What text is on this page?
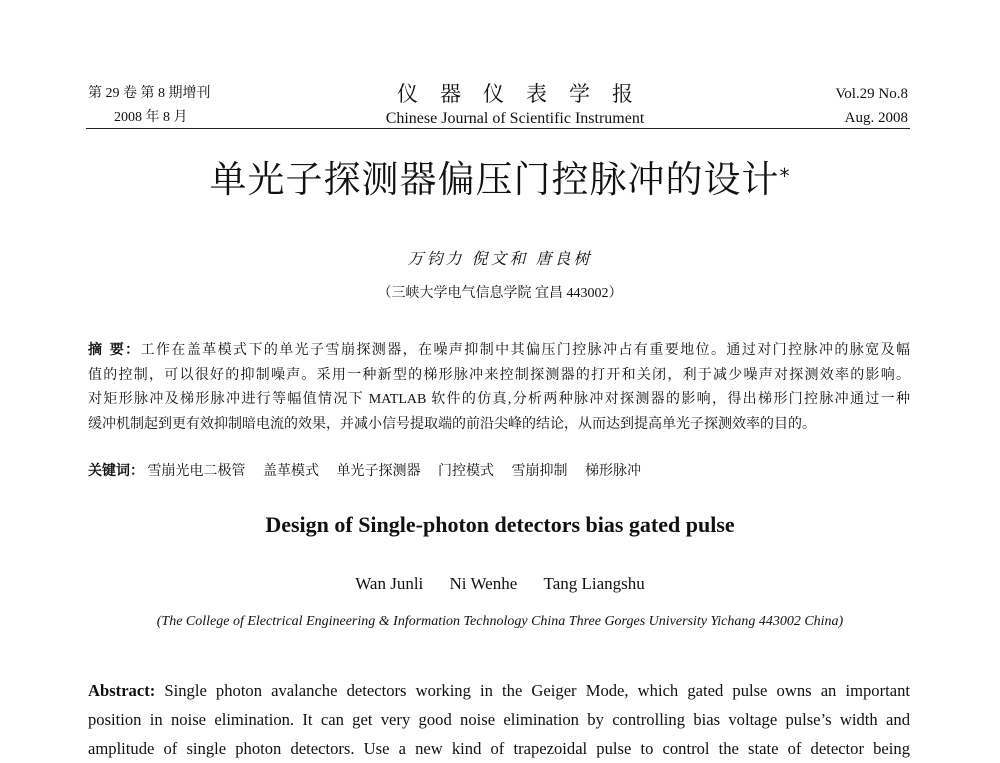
第 29 卷 第 8 期增刊
2008 年 8 月
仪器仪表学报
Chinese Journal of Scientific Instrument
Vol.29 No.8
Aug. 2008
单光子探测器偏压门控脉冲的设计*
万钧力 倪文和 唐良树
（三峡大学电气信息学院 宜昌 443002）
摘 要：工作在盖革模式下的单光子雪崩探测器，在噪声抑制中其偏压门控脉冲占有重要地位。通过对门控脉冲的脉宽及幅
值的控制，可以很好的抑制噪声。采用一种新型的梯形脉冲来控制探测器的打开和关闭，利于减少噪声对探测效率的影响。
对矩形脉冲及梯形脉冲进行等幅值情况下 MATLAB 软件的仿真,分析两种脉冲对探测器的影响，得出梯形门控脉冲通过一种
缓冲机制起到更有效抑制暗电流的效果，并减小信号提取端的前沿尖峰的结论，从而达到提高单光子探测效率的目的。
关键词： 雪崩光电二极管 盖革模式 单光子探测器 门控模式 雪崩抑制 梯形脉冲
Design of Single-photon detectors bias gated pulse
Wan Junli Ni Wenhe Tang Liangshu
(The College of Electrical Engineering & Information Technology China Three Gorges University Yichang 443002 China)
Abstract: Single photon avalanche detectors working in the Geiger Mode, which gated pulse owns an important
position in noise elimination. It can get very good noise elimination by controlling bias voltage pulse’s width and
amplitude of single photon detectors. Use a new kind of trapezoidal pulse to control the state of detector being
